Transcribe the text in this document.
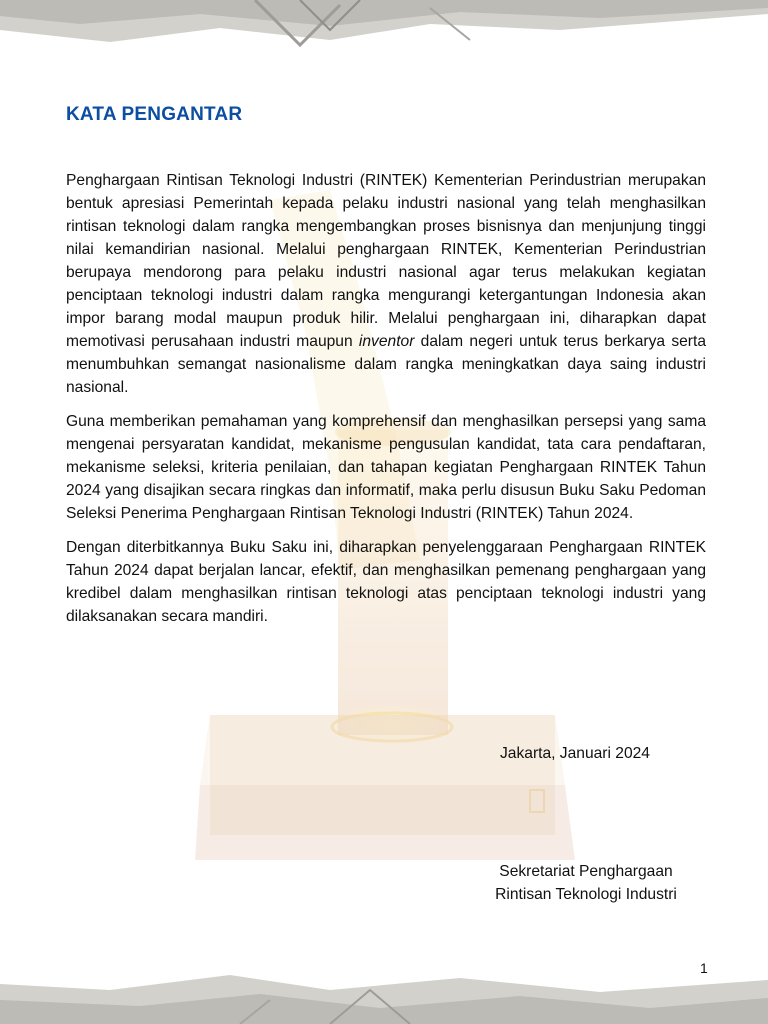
KATA PENGANTAR

Penghargaan Rintisan Teknologi Industri (RINTEK) Kementerian Perindustrian merupakan bentuk apresiasi Pemerintah kepada pelaku industri nasional yang telah menghasilkan rintisan teknologi dalam rangka mengembangkan proses bisnisnya dan menjunjung tinggi nilai kemandirian nasional. Melalui penghargaan RINTEK, Kementerian Perindustrian berupaya mendorong para pelaku industri nasional agar terus melakukan kegiatan penciptaan teknologi industri dalam rangka mengurangi ketergantungan Indonesia akan impor barang modal maupun produk hilir. Melalui penghargaan ini, diharapkan dapat memotivasi perusahaan industri maupun inventor dalam negeri untuk terus berkarya serta menumbuhkan semangat nasionalisme dalam rangka meningkatkan daya saing industri nasional.

Guna memberikan pemahaman yang komprehensif dan menghasilkan persepsi yang sama mengenai persyaratan kandidat, mekanisme pengusulan kandidat, tata cara pendaftaran, mekanisme seleksi, kriteria penilaian, dan tahapan kegiatan Penghargaan RINTEK Tahun 2024 yang disajikan secara ringkas dan informatif, maka perlu disusun Buku Saku Pedoman Seleksi Penerima Penghargaan Rintisan Teknologi Industri (RINTEK) Tahun 2024.

Dengan diterbitkannya Buku Saku ini, diharapkan penyelenggaraan Penghargaan RINTEK Tahun 2024 dapat berjalan lancar, efektif, dan menghasilkan pemenang penghargaan yang kredibel dalam menghasilkan rintisan teknologi atas penciptaan teknologi industri yang dilaksanakan secara mandiri.

Jakarta, Januari 2024
Sekretariat Penghargaan
Rintisan Teknologi Industri
1
